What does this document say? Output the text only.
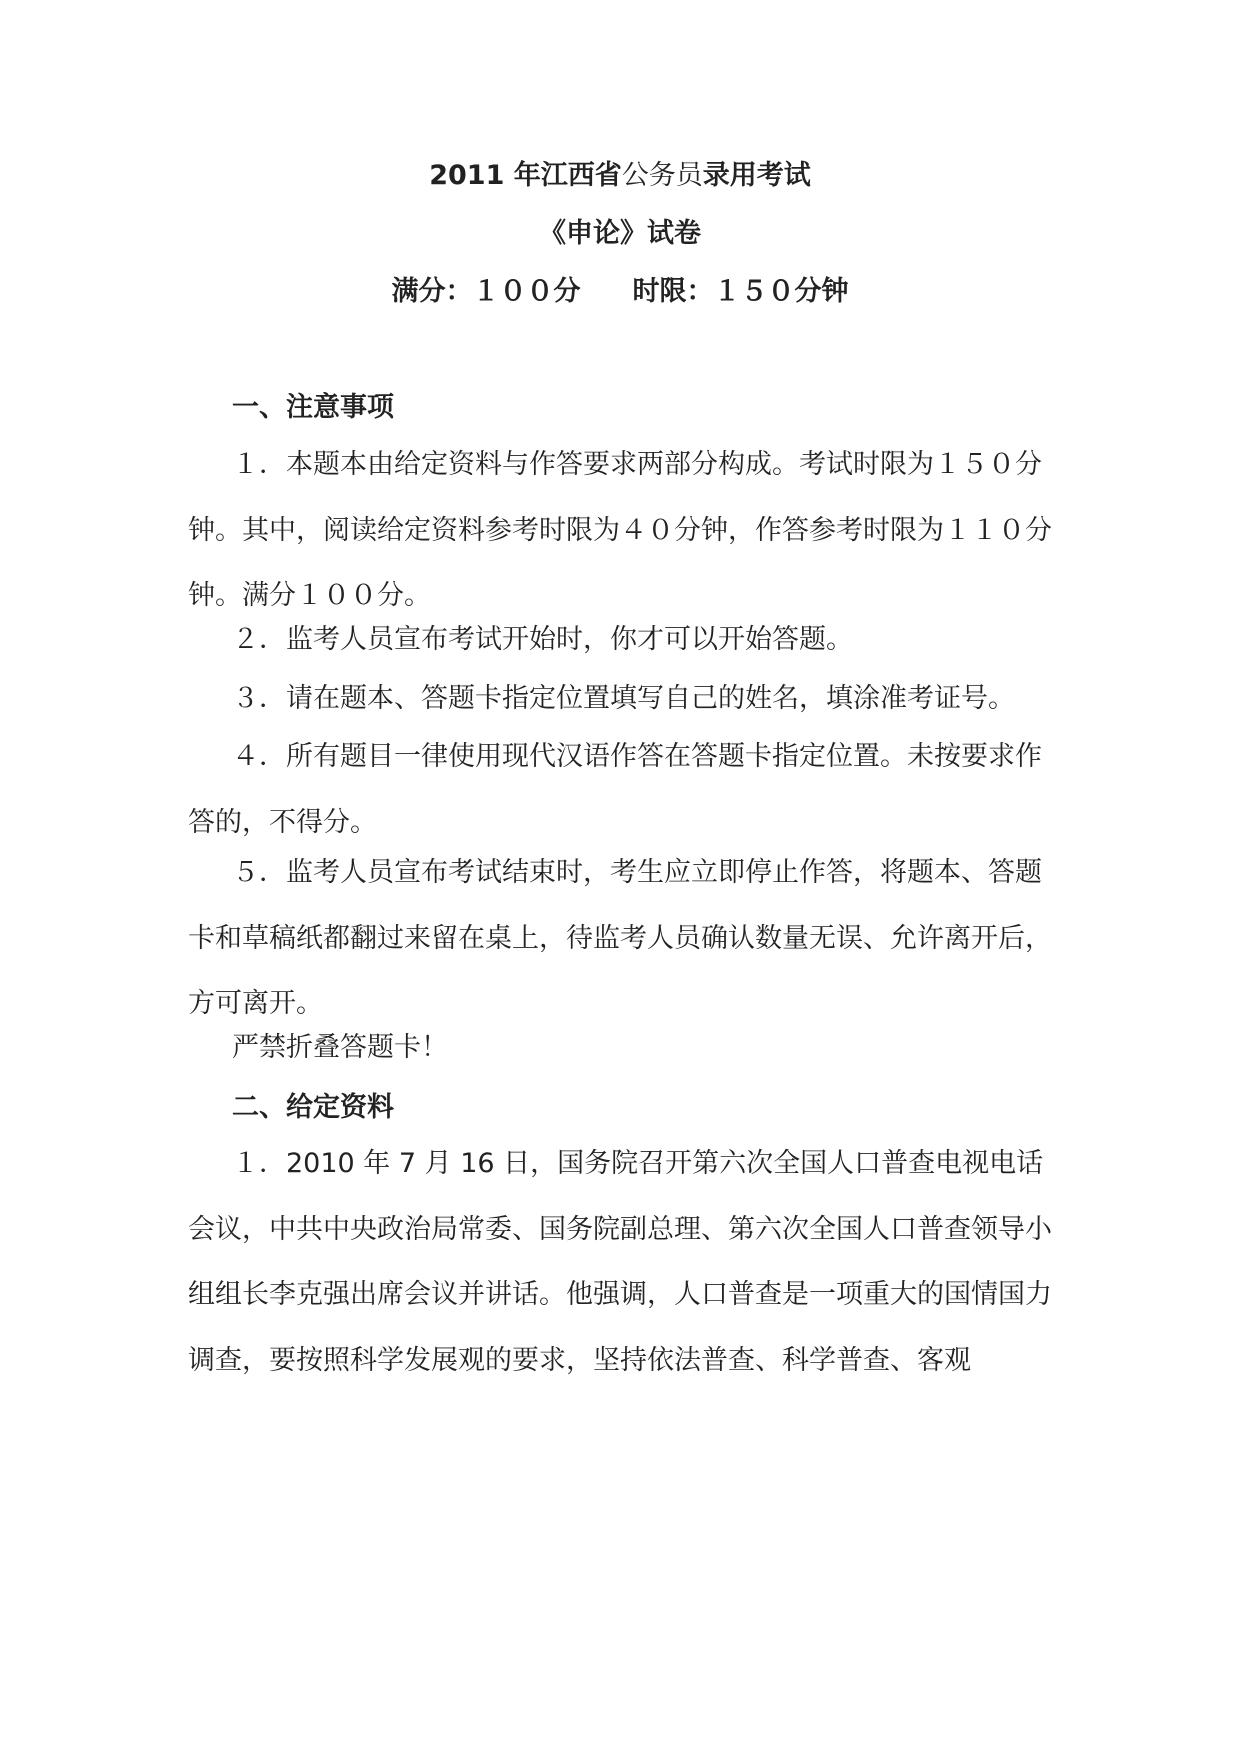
2011 年江西省公务员录用考试
《申论》试卷
满分：１００分 时限：１５０分钟
一、注意事项

１．本题本由给定资料与作答要求两部分构成。考试时限为１５０分钟。其中，阅读给定资料参考时限为４０分钟，作答参考时限为１１０分钟。满分１００分。

２．监考人员宣布考试开始时，你才可以开始答题。

３．请在题本、答题卡指定位置填写自己的姓名，填涂准考证号。

４．所有题目一律使用现代汉语作答在答题卡指定位置。未按要求作答的，不得分。

５．监考人员宣布考试结束时，考生应立即停止作答，将题本、答题卡和草稿纸都翻过来留在桌上，待监考人员确认数量无误、允许离开后，方可离开。

严禁折叠答题卡！

二、给定资料

１．2010 年 7 月 16 日，国务院召开第六次全国人口普查电视电话会议，中共中央政治局常委、国务院副总理、第六次全国人口普查领导小组组长李克强出席会议并讲话。他强调，人口普查是一项重大的国情国力调查，要按照科学发展观的要求，坚持依法普查、科学普查、客观
